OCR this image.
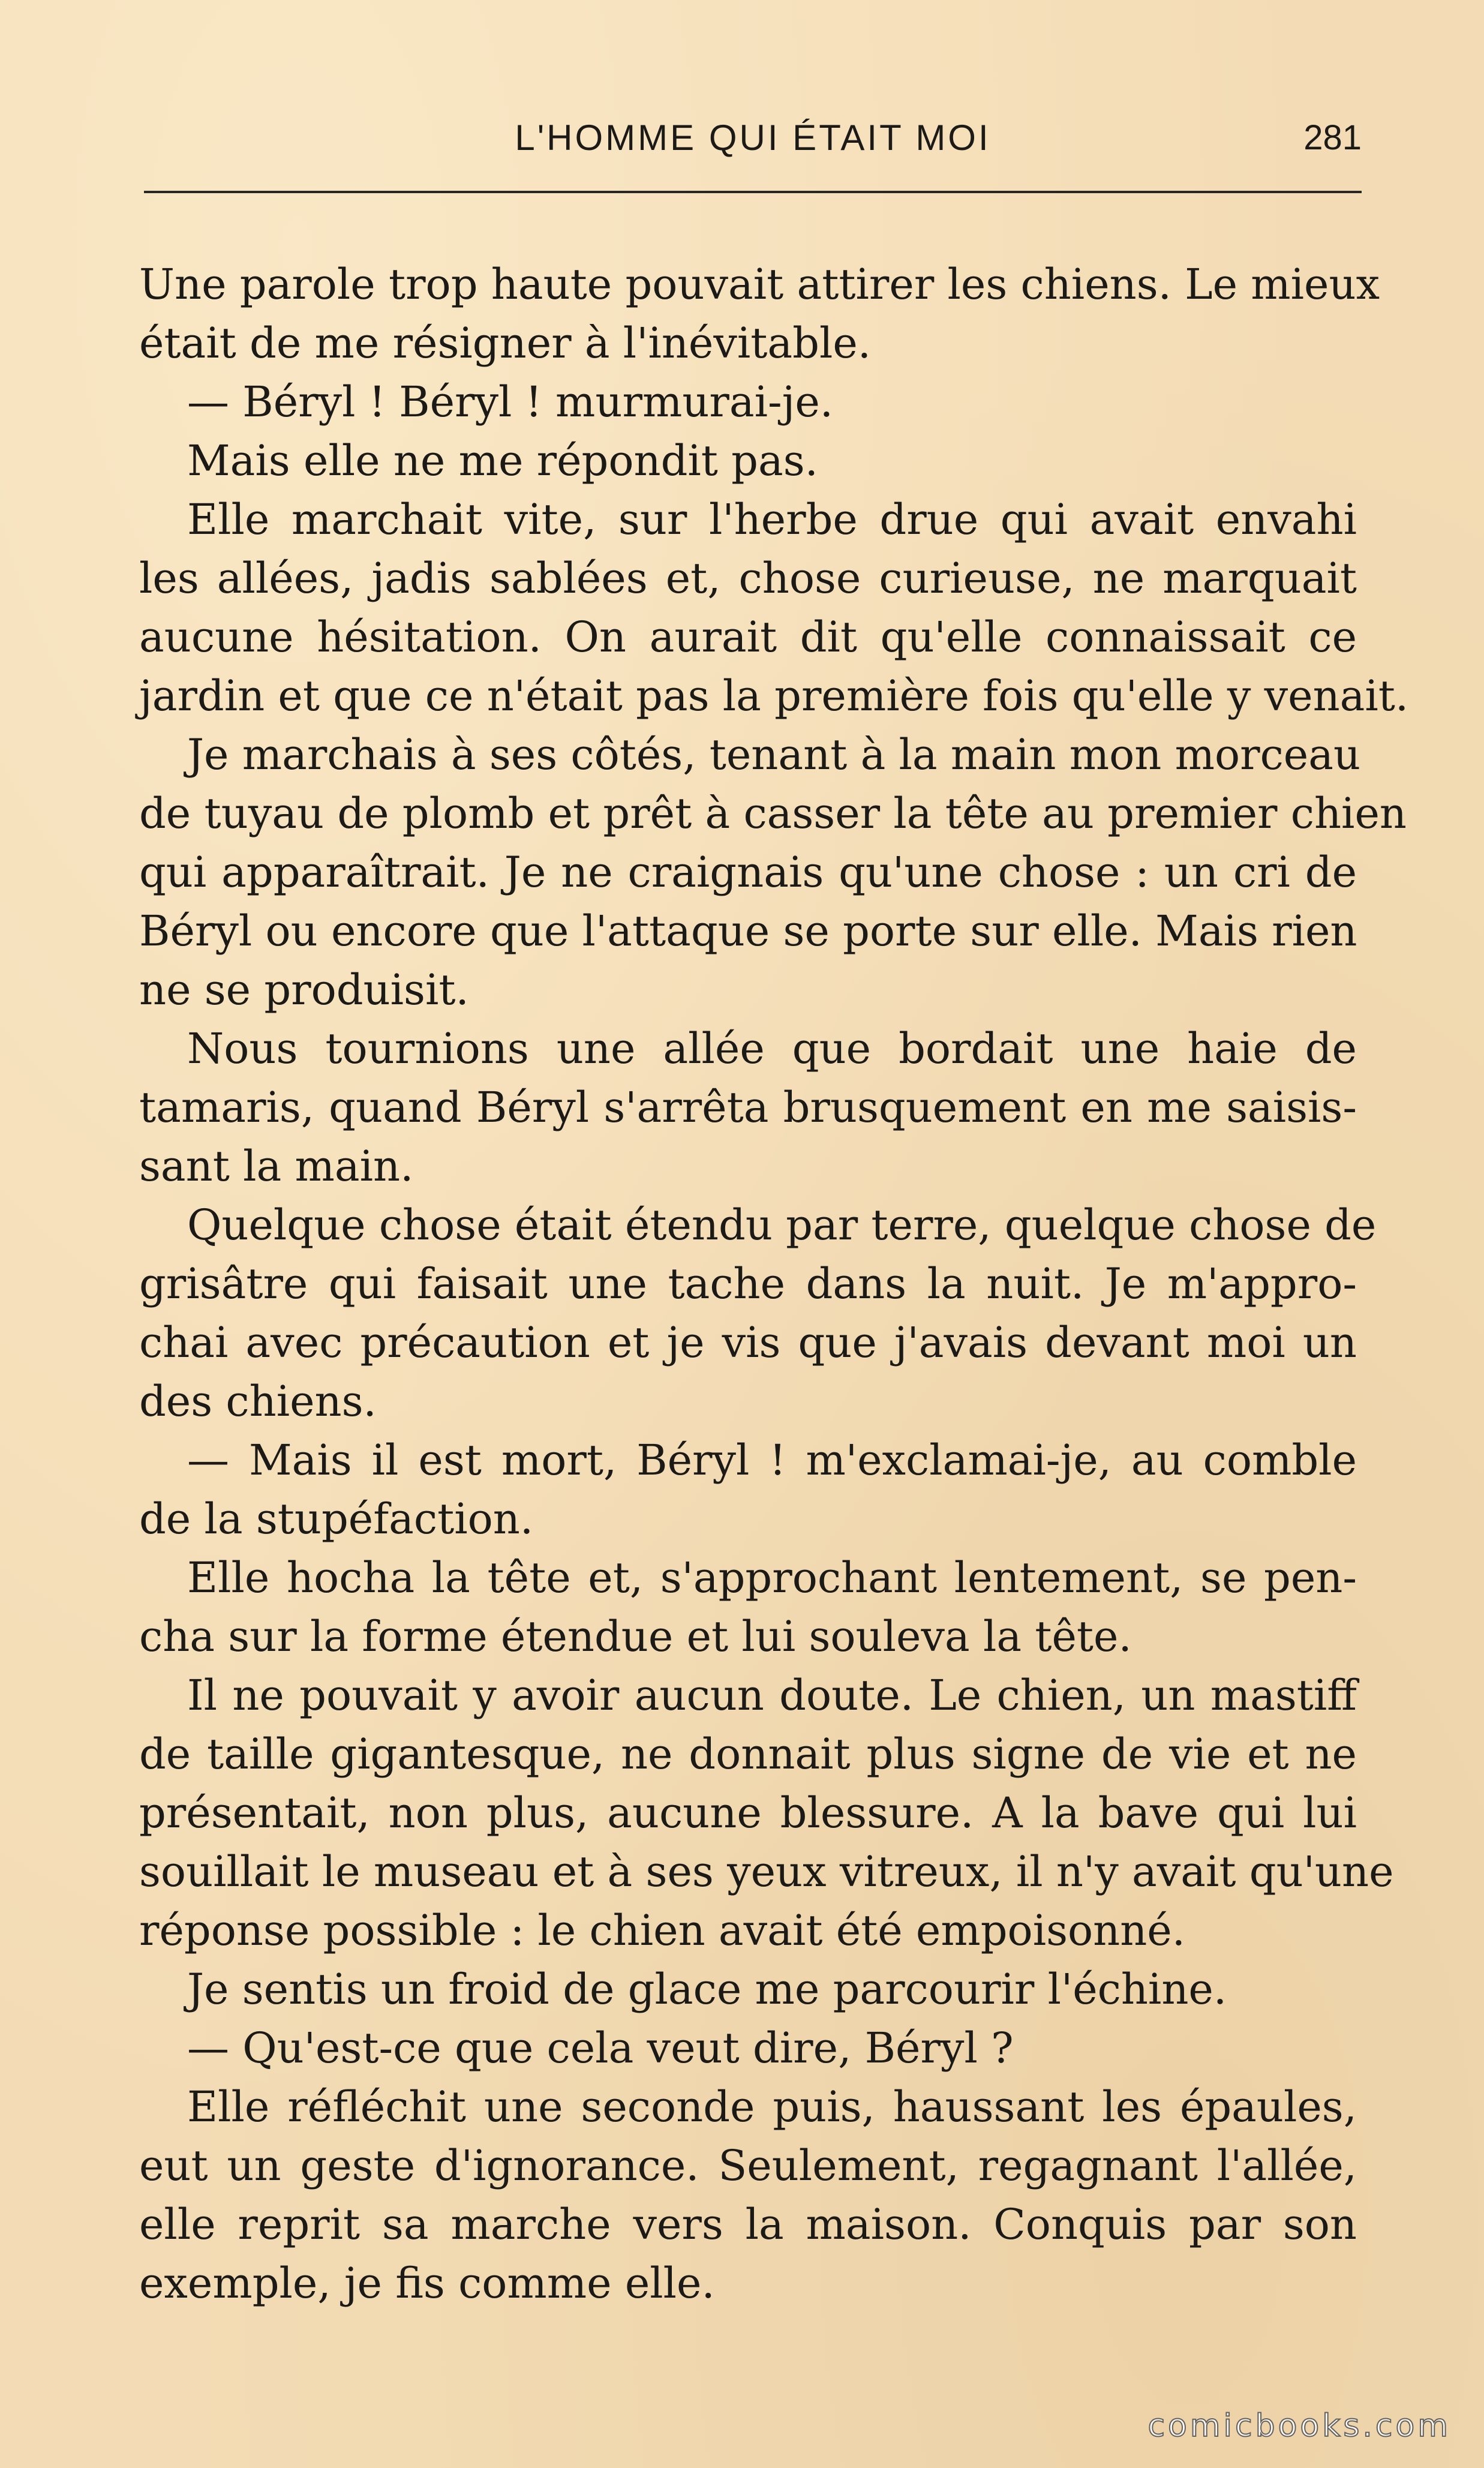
L'HOMME QUI ÉTAIT MOI	281
Une parole trop haute pouvait attirer les chiens. Le mieux
était de me résigner à l'inévitable.
— Béryl ! Béryl ! murmurai-je.
Mais elle ne me répondit pas.
Elle marchait vite, sur l'herbe drue qui avait envahi
les allées, jadis sablées et, chose curieuse, ne marquait
aucune hésitation. On aurait dit qu'elle connaissait ce
jardin et que ce n'était pas la première fois qu'elle y venait.
Je marchais à ses côtés, tenant à la main mon morceau
de tuyau de plomb et prêt à casser la tête au premier chien
qui apparaîtrait. Je ne craignais qu'une chose : un cri de
Béryl ou encore que l'attaque se porte sur elle. Mais rien
ne se produisit.
Nous tournions une allée que bordait une haie de
tamaris, quand Béryl s'arrêta brusquement en me saisis-
sant la main.
Quelque chose était étendu par terre, quelque chose de
grisâtre qui faisait une tache dans la nuit. Je m'appro-
chai avec précaution et je vis que j'avais devant moi un
des chiens.
— Mais il est mort, Béryl ! m'exclamai-je, au comble
de la stupéfaction.
Elle hocha la tête et, s'approchant lentement, se pen-
cha sur la forme étendue et lui souleva la tête.
Il ne pouvait y avoir aucun doute. Le chien, un mastiff
de taille gigantesque, ne donnait plus signe de vie et ne
présentait, non plus, aucune blessure. A la bave qui lui
souillait le museau et à ses yeux vitreux, il n'y avait qu'une
réponse possible : le chien avait été empoisonné.
Je sentis un froid de glace me parcourir l'échine.
— Qu'est-ce que cela veut dire, Béryl ?
Elle réfléchit une seconde puis, haussant les épaules,
eut un geste d'ignorance. Seulement, regagnant l'allée,
elle reprit sa marche vers la maison. Conquis par son
exemple, je fis comme elle.
comicbooks.com
